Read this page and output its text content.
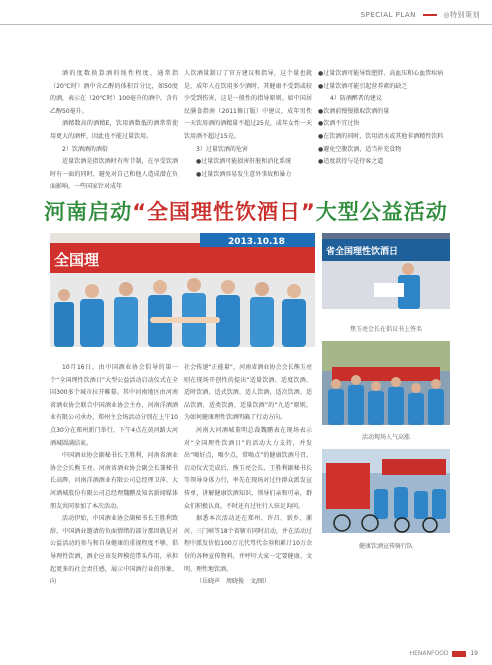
SPECIAL PLAN	◎特别策划

酒的度数换算酒的纯性程度，通常指（20℃时）酒中含乙醇的体积百分比，如50度的酒，表示在（20℃时）100毫升的酒中，含有乙醇50毫升。

酒精数高的酒精E，饮用酒数低的酒常常使用更大的酒杯，因此也不能过量饮用。

2）饮酒酒的酒俗

适量饮酒是指饮酒时有所节制，在享受饮酒时有一面的同时，避免对自己和他人造成潜在负面影响，一些国家针对成年

人饮酒量制订了官方建议和指导，这个量也就是，成年人在饮用多少酒时，其健康不受到或较少受到伤害，这是一般性的指导原则。如中国居民膳食指南（2011修订版）中建议，成年男性一天饮用酒的酒精量不超过25克，成年女性一天饮用酒不超过15克。

3）过量饮酒的危害

●过量饮酒可能损害肝脏和消化系统

●过量饮酒容易发生意外事故和暴力

●过量饮酒可能导致肥胖、高血压和心血管疾病

●过量饮酒可能引起营养素的缺乏

4）防酒醉者的建议

●饮酒前慢慢摄取饮酒的量

●饮酒不宜过快

●在饮酒的同时，饮用清水或其他非酒精性饮料

●避免空腹饮酒，适当补充食物

●适度款待与是待客之道

河南启动“全国理性饮酒日”大型公益活动
2013.10.18
全国理	省全国理性饮酒日
焦玉亮会长在倡议书上签名
活动现场人气高涨
健康饮酒宣传骑行队

10月16日，由中国酒业协会倡导的第一个“全国理性饮酒日”大型公益活动启动仪式在全国300多个城市拉开帷幕。其中河南地区由河南省酒业协会联合中国酒业协会主办，河南洋酒酒业有限公司承办，郑州主会场活动分别在上午10点30分在郑州新门举行，下午4点在黄河路大河酒城圆满结束。

中国酒业协会副秘书长王胜利，河南省酒业协会会长熊玉亮、河南省酒业协会副会长兼秘书长高晖、河南洋酒酒业有限公司总经理卫萍、大河酒城股份有限公司总经理魏鹏及知名新闻媒体朋友共同参加了本次活动。

活动伊始，中国酒业协会副秘书长王胜利致辞，中国酒业邀请的负面情绪的部分那因就是对公益活动的参与和自身健康的重视程度不够，倡导理性饮酒，酒企应该发挥模范带头作用，承担起更多的社会责任感，展示中国酒行业的形象，向

社会传递“正能量”，河南省酒业协会会长熊玉亮则在现场开创性的提出“适量饮酒、适度饮酒、适时饮酒、适式饮酒、适人饮酒、适次饮酒、适品饮酒、适类饮酒、适量饮酒”的“九适”原则，为如何健康理性饮酒明确了行动方向。

河南大河酒城董明总裁魏鹏表在现场表示对“全国理性饮酒日”的活动大力支持，并发出“喝好点，喝少点，常喝点”的健康饮酒号召，启动仪式完成后，熊玉亮会长、王胜利副秘书长等领导身体力行，率先在现场对过往群众派发宣传单，讲解健康饮酒知识，领导们亲和可亲，群众们积极认真，不时还有过往行人驻足询问。

据悉本次活动还在郑州、许昌、新乡、漯河、三门峡等18个省辖市同时启动，并在活动过程中派发价值100万元代驾代金券和累计10万余份的各种宣传物料，并呼吁大家一定要健康、文明、理性地饮酒。

（岳晓声　周晓俊　文/图）

HENANFOOD	19
